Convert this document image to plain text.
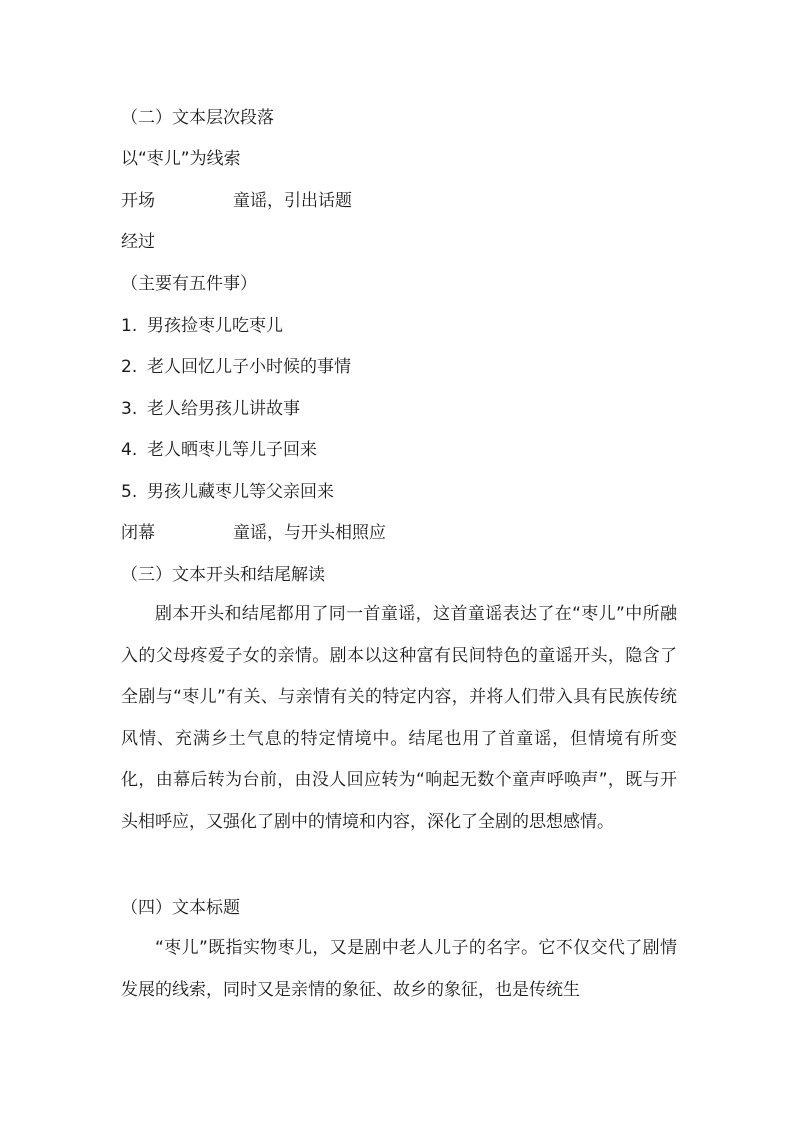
（二）文本层次段落
以“枣儿”为线索
开场	童谣，引出话题
经过
（主要有五件事）
1. 男孩捡枣儿吃枣儿
2. 老人回忆儿子小时候的事情
3. 老人给男孩儿讲故事
4. 老人晒枣儿等儿子回来
5. 男孩儿藏枣儿等父亲回来
闭幕	童谣，与开头相照应
（三）文本开头和结尾解读

剧本开头和结尾都用了同一首童谣，这首童谣表达了在“枣儿”中所融入的父母疼爱子女的亲情。剧本以这种富有民间特色的童谣开头，隐含了全剧与“枣儿”有关、与亲情有关的特定内容，并将人们带入具有民族传统风情、充满乡土气息的特定情境中。结尾也用了首童谣，但情境有所变化，由幕后转为台前，由没人回应转为“响起无数个童声呼唤声”，既与开头相呼应，又强化了剧中的情境和内容，深化了全剧的思想感情。

（四）文本标题

“枣儿”既指实物枣儿，又是剧中老人儿子的名字。它不仅交代了剧情发展的线索，同时又是亲情的象征、故乡的象征，也是传统生
